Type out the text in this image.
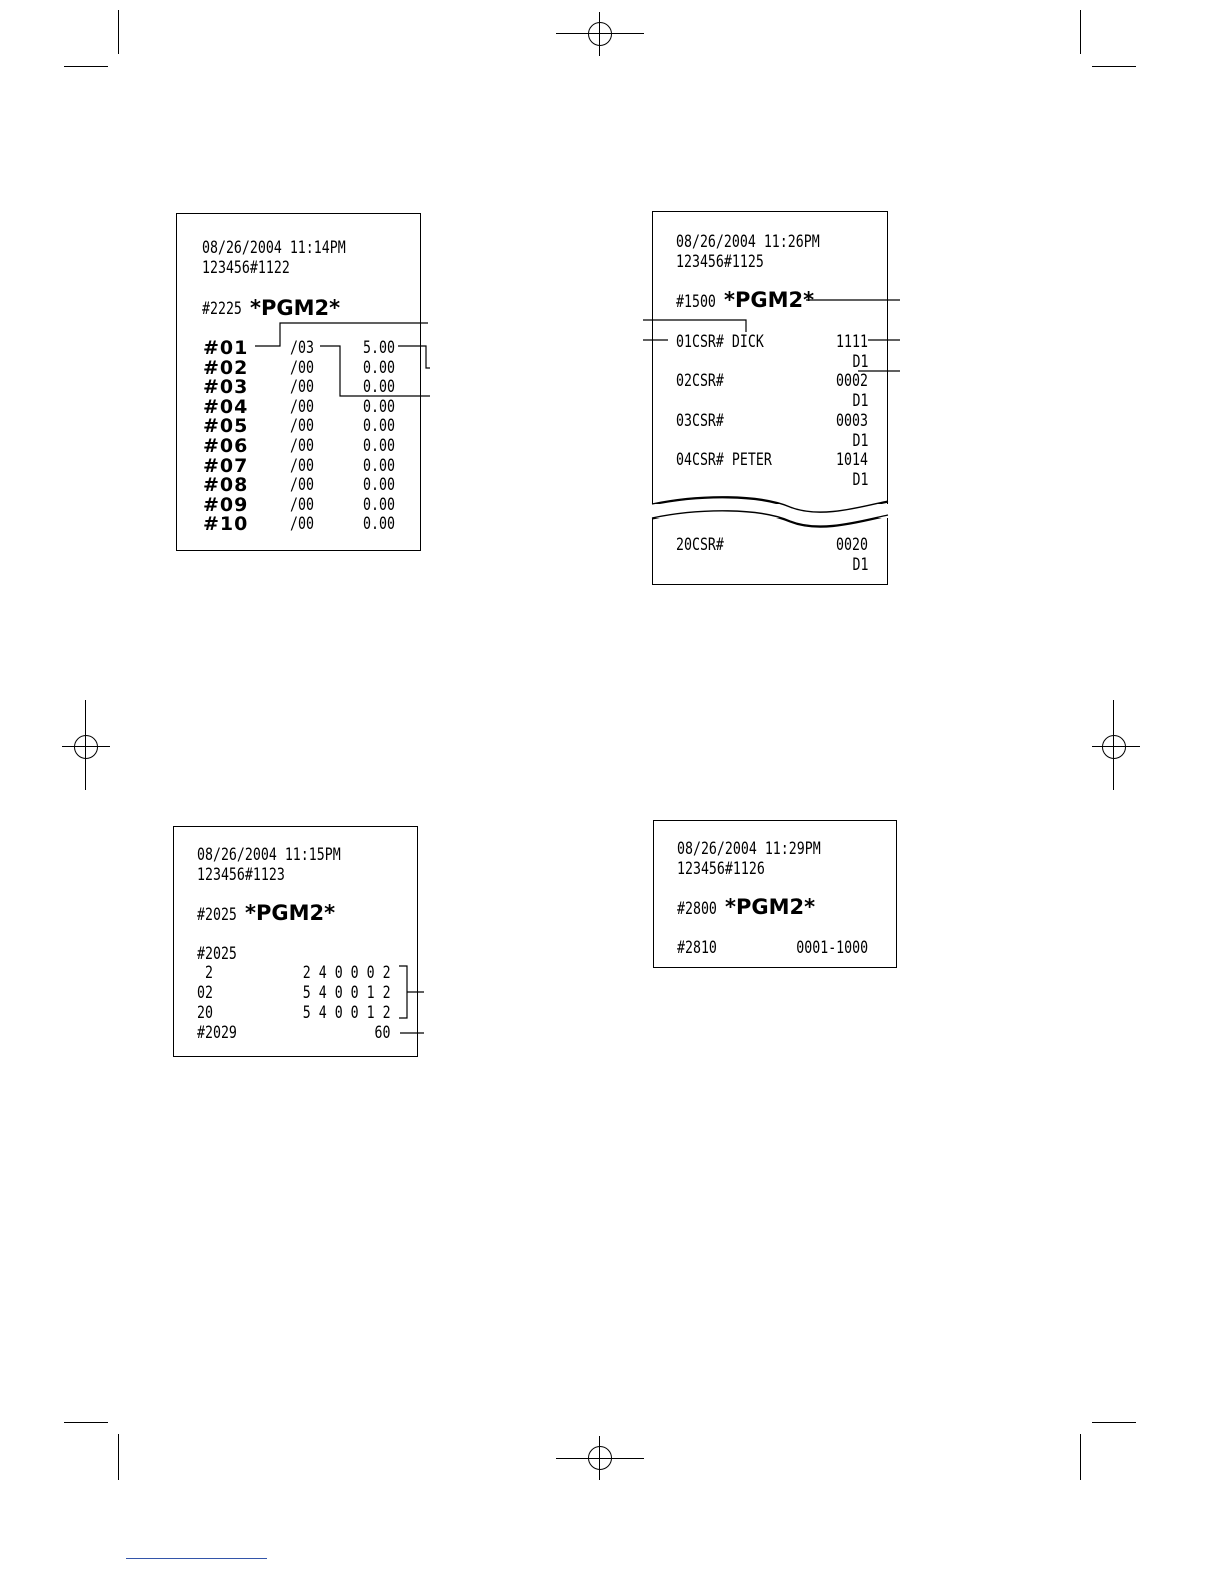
08/26/2004 11:14PM
123456#1122
#2225 *PGM2*
#01 /03	5.00
#02 /00	0.00
#03 /00	0.00
#04 /00	0.00
#05 /00	0.00
#06 /00	0.00
#07 /00	0.00
#08 /00	0.00
#09 /00	0.00
#10 /00	0.00
08/26/2004 11:26PM
123456#1125
#1500 *PGM2*
01CSR# DICK	1111
D1
02CSR#	0002
D1
03CSR#	0003
D1
04CSR# PETER	1014
D1
20CSR#	0020
D1
08/26/2004 11:15PM
123456#1123
#2025 *PGM2*
#2025
2	2 4 0 0 0 2
02	5 4 0 0 1 2
20	5 4 0 0 1 2
#2029	60
08/26/2004 11:29PM
123456#1126
#2800 *PGM2*
#2810	0001-1000
